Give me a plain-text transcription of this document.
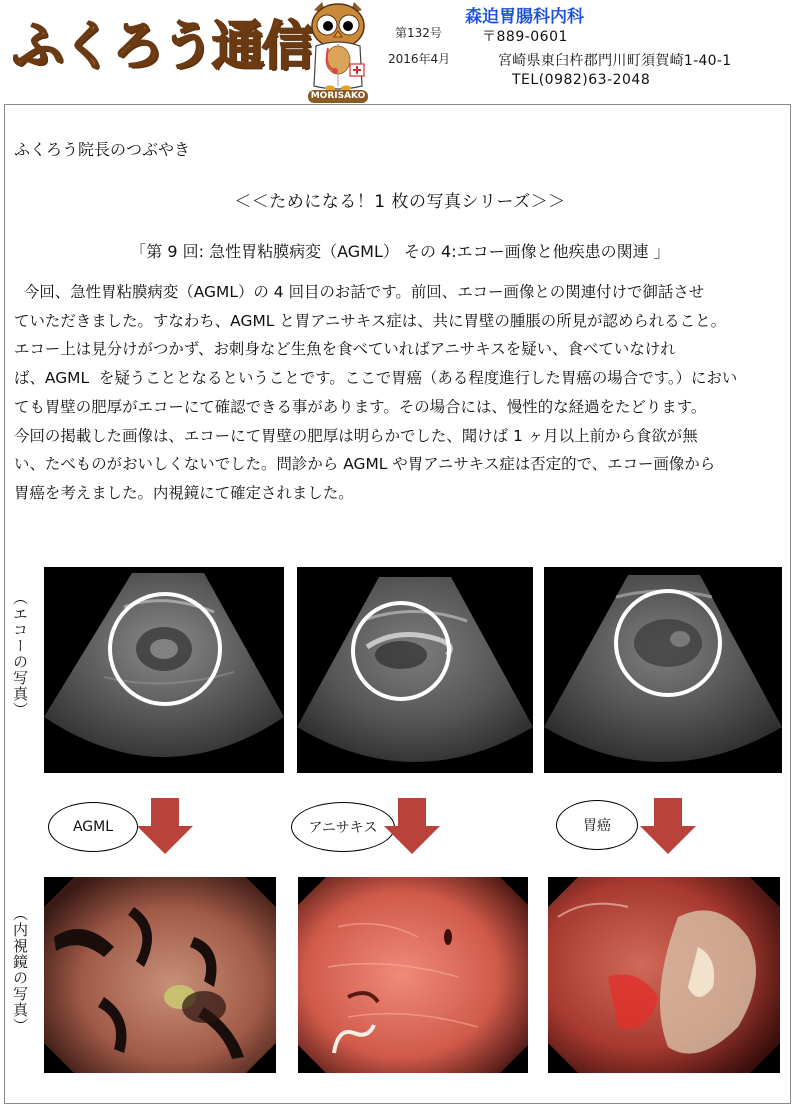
ふくろう通信
MORISAKO
第132号
2016年4月
森迫胃腸科内科
〒889-0601
宮崎県東臼杵郡門川町須賀崎1-40-1
TEL(0982)63-2048
ふくろう院長のつぶやき
＜＜ためになる！1 枚の写真シリーズ＞＞
「第 9 回: 急性胃粘膜病変（AGML） その 4:エコー画像と他疾患の関連 」

今回、急性胃粘膜病変（AGML）の 4 回目のお話です。前回、エコー画像との関連付けで御話させ

ていただきました。すなわち、AGML と胃アニサキス症は、共に胃壁の腫脹の所見が認められること。

エコー上は見分けがつかず、お刺身など生魚を食べていればアニサキスを疑い、食べていなけれ

ば、AGML  を疑うこととなるということです。ここで胃癌（ある程度進行した胃癌の場合です。）におい

ても胃壁の肥厚がエコーにて確認できる事があります。その場合には、慢性的な経過をたどります。

今回の掲載した画像は、エコーにて胃壁の肥厚は明らかでした、聞けば 1 ヶ月以上前から食欲が無

い、たべものがおいしくないでした。問診から AGML や胃アニサキス症は否定的で、エコー画像から

胃癌を考えました。内視鏡にて確定されました。

（エコーの写真）
（内視鏡の写真）
AGML	アニサキス	胃癌
